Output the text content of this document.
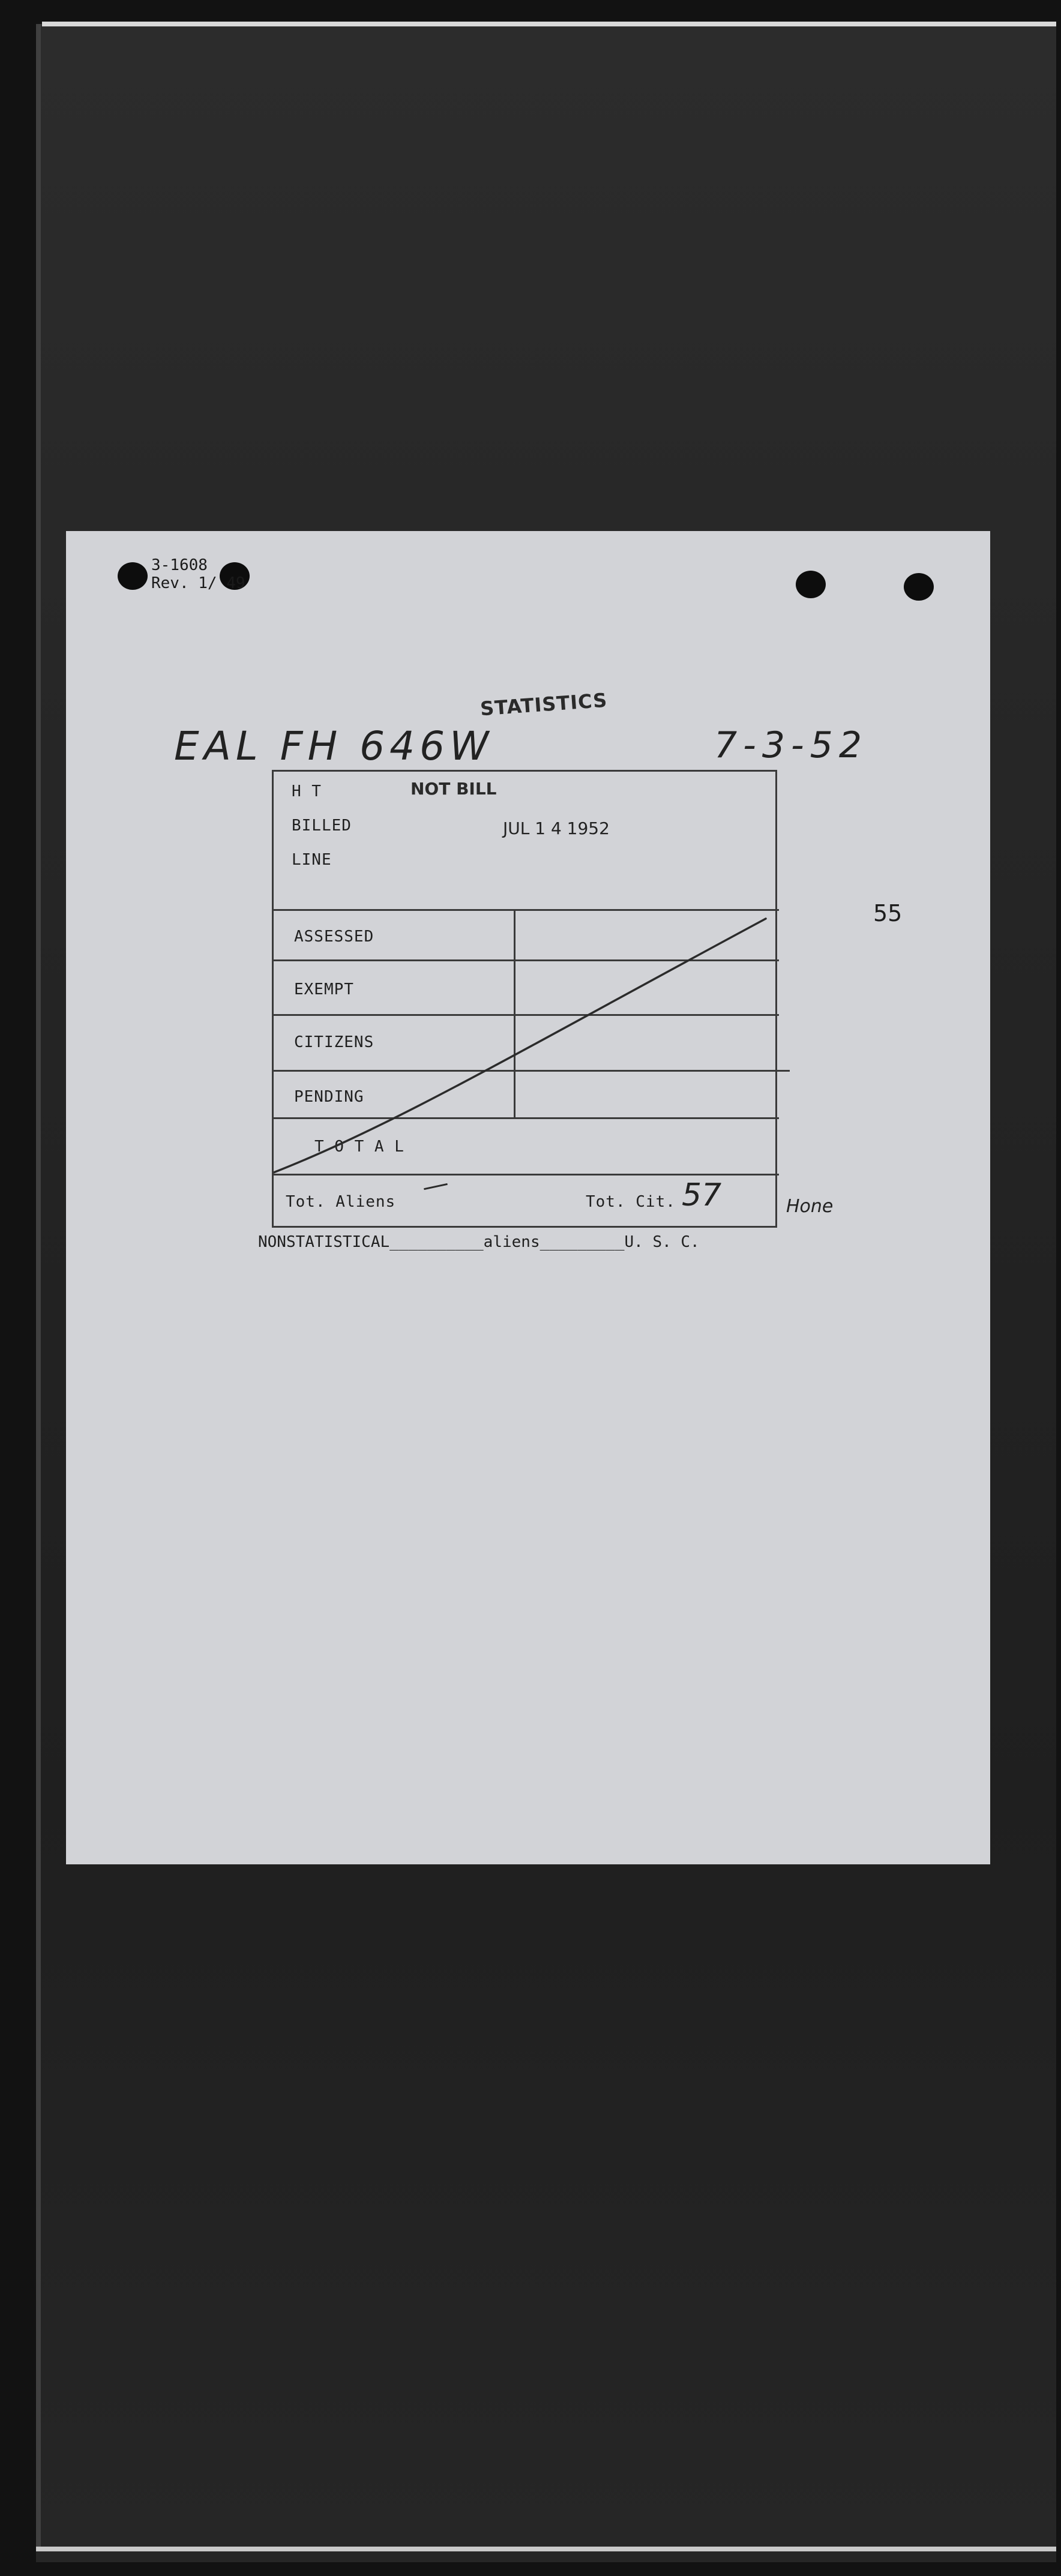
3-1608
Rev. 1/ 49
EAL FH 646W	7-3-52
STATISTICS
55
H T
BILLED
LINE
NOT BILL
JUL 1 4 1952
ASSESSED
EXEMPT
CITIZENS
PENDING
T O T A L
Tot. Aliens	Tot. Cit. 57	Hone
NONSTATISTICAL__________aliens_________U. S. C.
